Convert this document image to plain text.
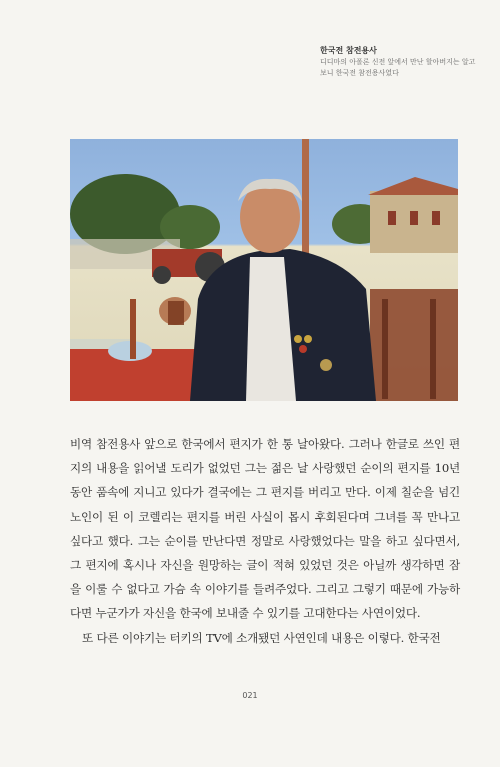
한국전 참전용사
디디마의 아폴론 신전 앞에서 만난 할아버지는 알고 보니 한국전 참전용사였다

비역 참전용사 앞으로 한국에서 편지가 한 통 날아왔다. 그러나 한글로 쓰인 편지의 내용을 읽어낼 도리가 없었던 그는 젊은 날 사랑했던 순이의 편지를 10년 동안 품속에 지니고 있다가 결국에는 그 편지를 버리고 만다. 이제 칠순을 넘긴 노인이 된 이 코렐리는 편지를 버린 사실이 몹시 후회된다며 그녀를 꼭 만나고 싶다고 했다. 그는 순이를 만난다면 정말로 사랑했었다는 말을 하고 싶다면서, 그 편지에 혹시나 자신을 원망하는 글이 적혀 있었던 것은 아닐까 생각하면 잠을 이룰 수 없다고 가슴 속 이야기를 들려주었다. 그리고 그렇기 때문에 가능하다면 누군가가 자신을 한국에 보내줄 수 있기를 고대한다는 사연이었다.

또 다른 이야기는 터키의 TV에 소개됐던 사연인데 내용은 이렇다. 한국전

021
